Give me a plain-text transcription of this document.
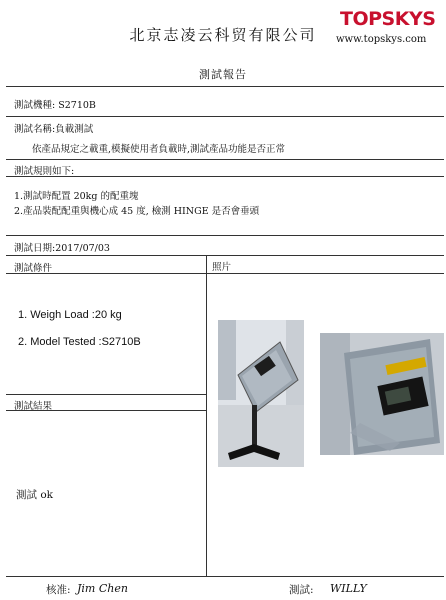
北京志凌云科贸有限公司
TOPSKYS
www.topskys.com
測試報告
測試機種: S2710B
測試名稱:負載測試
依產品規定之載重,模擬使用者負載時,測試產品功能是否正常
測試規則如下:
1.測試時配置 20kg 的配重塊
2.產品裝配配重與機心成 45 度, 檢測 HINGE 是否會垂頭
測試日期:2017/07/03
測試條件	照片
1. Weigh Load :20 kg
2. Model Tested :S2710B
測試結果
測試 ok
核准: Jim Chen	測試: WILLY
